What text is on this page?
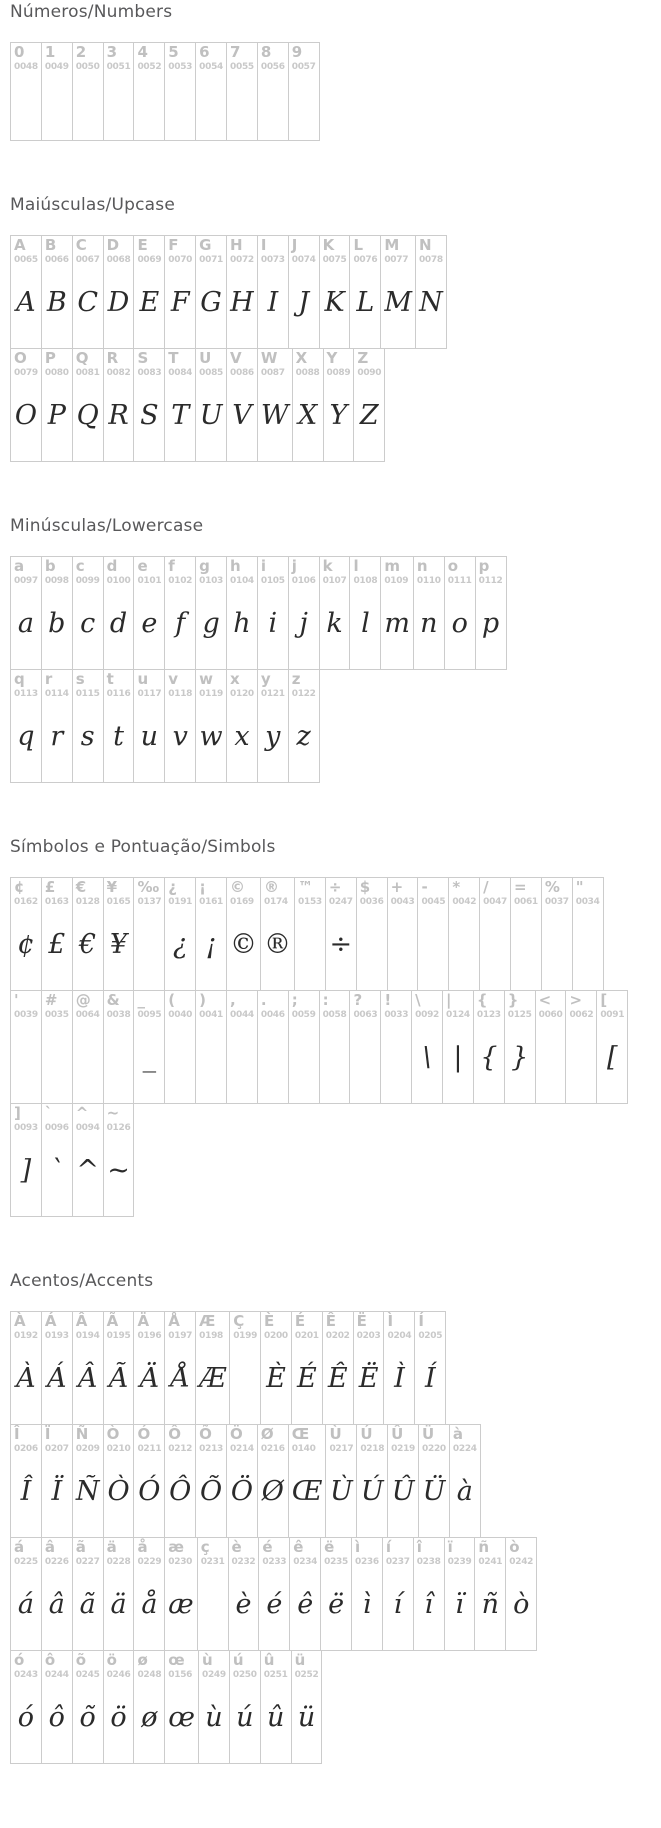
Números/Numbers
0
0048
1
0049
2
0050
3
0051
4
0052
5
0053
6
0054
7
0055
8
0056
9
0057
Maiúsculas/Upcase
A
0065
A
B
0066
B
C
0067
C
D
0068
D
E
0069
E
F
0070
F
G
0071
G
H
0072
H
I
0073
I
J
0074
J
K
0075
K
L
0076
L
M
0077
M
N
0078
N
O
0079
O
P
0080
P
Q
0081
Q
R
0082
R
S
0083
S
T
0084
T
U
0085
U
V
0086
V
W
0087
W
X
0088
X
Y
0089
Y
Z
0090
Z
Minúsculas/Lowercase
a
0097
a
b
0098
b
c
0099
c
d
0100
d
e
0101
e
f
0102
f
g
0103
g
h
0104
h
i
0105
i
j
0106
j
k
0107
k
l
0108
l
m
0109
m
n
0110
n
o
0111
o
p
0112
p
q
0113
q
r
0114
r
s
0115
s
t
0116
t
u
0117
u
v
0118
v
w
0119
w
x
0120
x
y
0121
y
z
0122
z
Símbolos e Pontuação/Simbols
¢
0162
¢
£
0163
£
€
0128
€
¥
0165
¥
‰
0137
¿
0191
¿
¡
0161
¡
©
0169
©
®
0174
®
™
0153
÷
0247
÷
$
0036
+
0043
-
0045
*
0042
/
0047
=
0061
%
0037
"
0034
'
0039
#
0035
@
0064
&
0038
_
0095
_
(
0040
)
0041
,
0044
.
0046
;
0059
:
0058
?
0063
!
0033
\
0092
\
|
0124
|
{
0123
{
}
0125
}
<
0060
>
0062
[
0091
[
]
0093
]
`
0096
`
^
0094
^
~
0126
~
Acentos/Accents
À
0192
À
Á
0193
Á
Â
0194
Â
Ã
0195
Ã
Ä
0196
Ä
Å
0197
Å
Æ
0198
Æ
Ç
0199
È
0200
È
É
0201
É
Ê
0202
Ê
Ë
0203
Ë
Ì
0204
Ì
Í
0205
Í
Î
0206
Î
Ï
0207
Ï
Ñ
0209
Ñ
Ò
0210
Ò
Ó
0211
Ó
Ô
0212
Ô
Õ
0213
Õ
Ö
0214
Ö
Ø
0216
Ø
Œ
0140
Œ
Ù
0217
Ù
Ú
0218
Ú
Û
0219
Û
Ü
0220
Ü
à
0224
à
á
0225
á
â
0226
â
ã
0227
ã
ä
0228
ä
å
0229
å
æ
0230
æ
ç
0231
è
0232
è
é
0233
é
ê
0234
ê
ë
0235
ë
ì
0236
ì
í
0237
í
î
0238
î
ï
0239
ï
ñ
0241
ñ
ò
0242
ò
ó
0243
ó
ô
0244
ô
õ
0245
õ
ö
0246
ö
ø
0248
ø
œ
0156
œ
ù
0249
ù
ú
0250
ú
û
0251
û
ü
0252
ü
